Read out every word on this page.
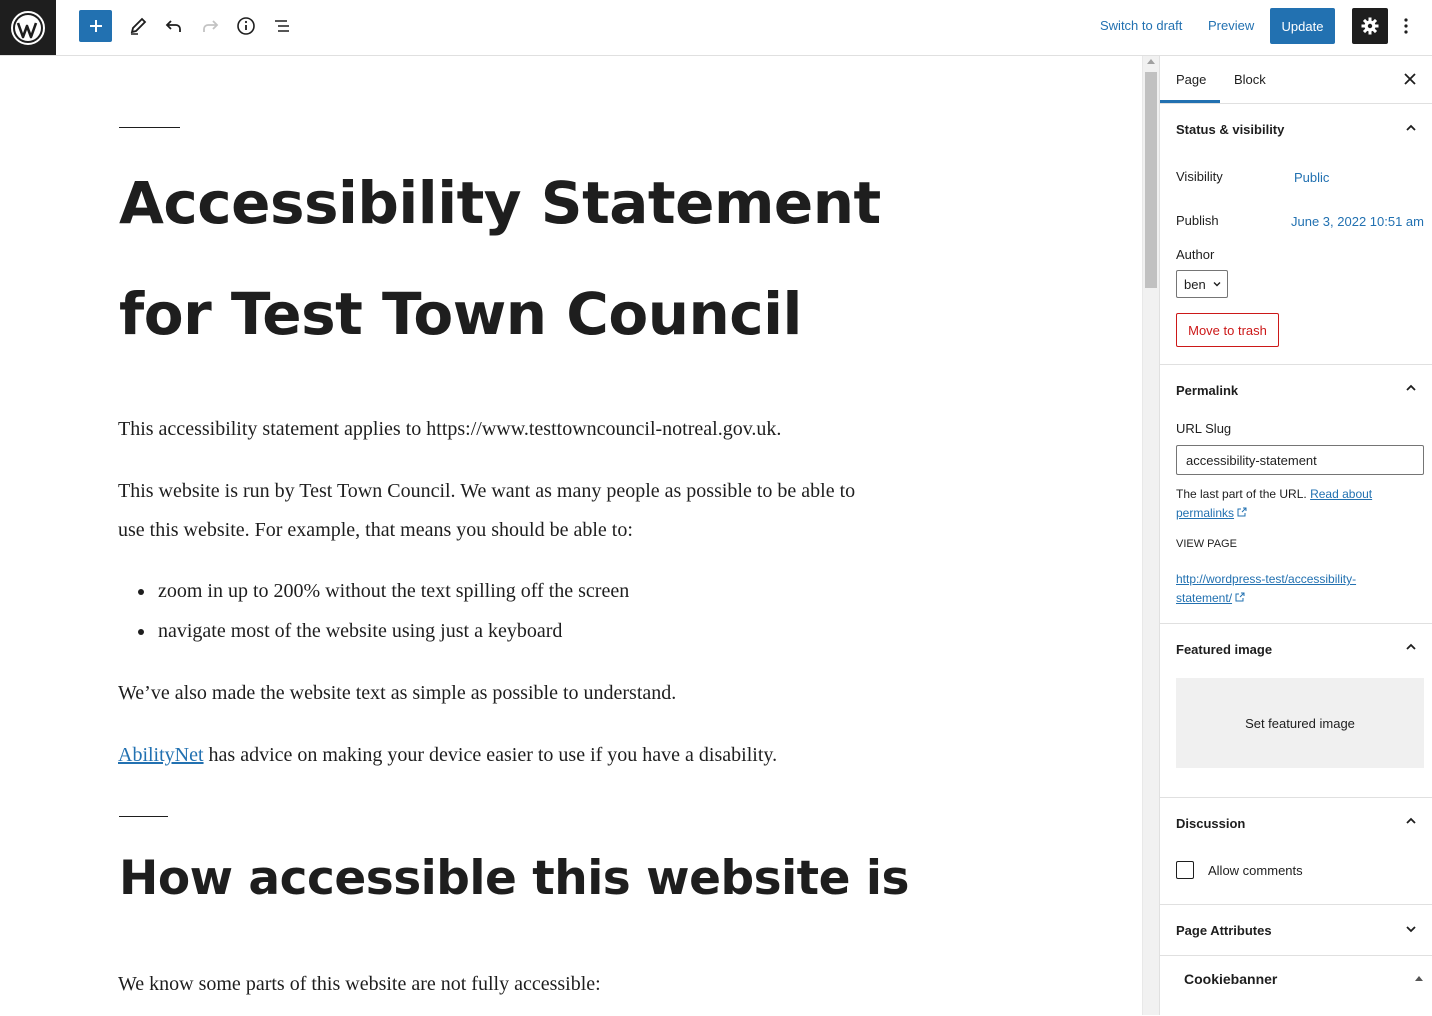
Switch to draft Preview	Update
Accessibility Statement
for Test Town Council
This accessibility statement applies to https://www.testtowncouncil-notreal.gov.uk.
This website is run by Test Town Council. We want as many people as possible to be able to use this website. For example, that means you should be able to:
zoom in up to 200% without the text spilling off the screen
navigate most of the website using just a keyboard
We’ve also made the website text as simple as possible to understand.
AbilityNet has advice on making your device easier to use if you have a disability.
How accessible this website is
We know some parts of this website are not fully accessible:
Page Block
Status & visibility
Visibility	Public
Publish	June 3, 2022 10:51 am
Author
ben
Move to trash
Permalink
URL Slug
accessibility-statement
The last part of the URL. Read about
permalinks
VIEW PAGE
http://wordpress-test/accessibility-
statement/
Featured image
Set featured image
Discussion
Allow comments
Page Attributes
Cookiebanner
